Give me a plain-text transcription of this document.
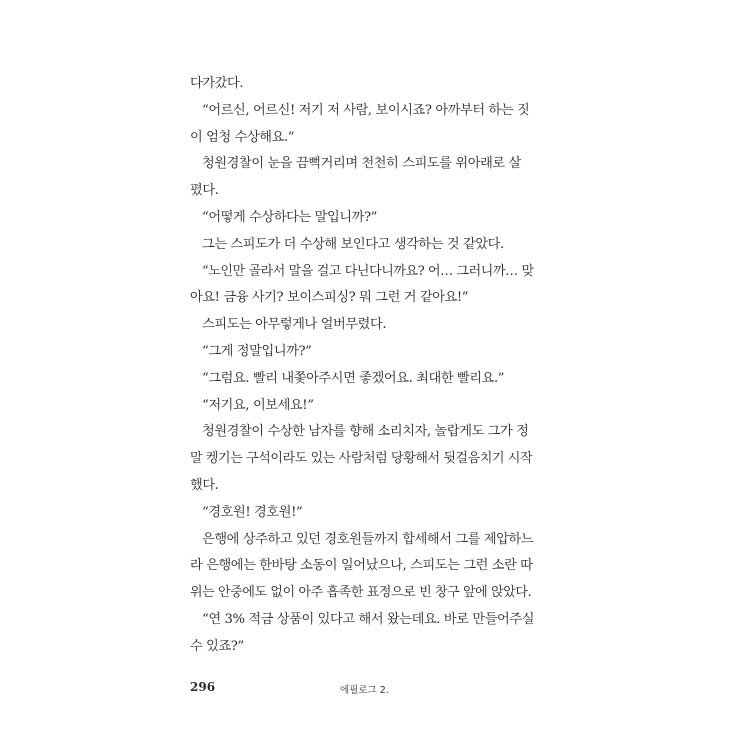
다가갔다.
“어르신, 어르신! 저기 저 사람, 보이시죠? 아까부터 하는 짓
이 엄청 수상해요.”
청원경찰이 눈을 끔뻑거리며 천천히 스피도를 위아래로 살
폈다.
“어떻게 수상하다는 말입니까?”
그는 스피도가 더 수상해 보인다고 생각하는 것 같았다.
“노인만 골라서 말을 걸고 다닌다니까요? 어… 그러니까… 맞
아요! 금융 사기? 보이스피싱? 뭐 그런 거 같아요!”
스피도는 아무렇게나 얼버무렸다.
“그게 정말입니까?”
“그럼요. 빨리 내쫓아주시면 좋겠어요. 최대한 빨리요.”
“저기요, 이보세요!”
청원경찰이 수상한 남자를 향해 소리치자, 놀랍게도 그가 정
말 켕기는 구석이라도 있는 사람처럼 당황해서 뒷걸음치기 시작
했다.
“경호원! 경호원!”
은행에 상주하고 있던 경호원들까지 합세해서 그를 제압하느
라 은행에는 한바탕 소동이 일어났으나, 스피도는 그런 소란 따
위는 안중에도 없이 아주 흡족한 표정으로 빈 창구 앞에 앉았다.
“연 3% 적금 상품이 있다고 해서 왔는데요. 바로 만들어주실
수 있죠?”
296	에필로그 2.
